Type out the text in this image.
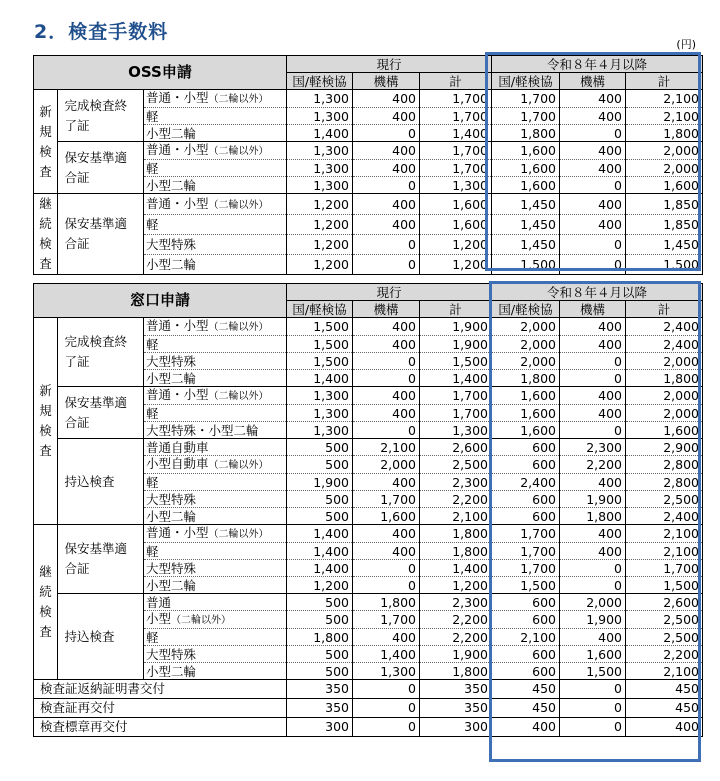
2．検査手数料
(円)
OSS申請			現行			令和８年４月以降		
			国/軽検協	機構	計	国/軽検協	機構	計
新規検査	完成検査終了証	普通・小型（二輪以外）	1,300	400	1,700	1,700	400	2,100
		軽	1,300	400	1,700	1,700	400	2,100
		小型二輪	1,400	0	1,400	1,800	0	1,800
	保安基準適合証	普通・小型（二輪以外）	1,300	400	1,700	1,600	400	2,000
		軽	1,300	400	1,700	1,600	400	2,000
		小型二輪	1,300	0	1,300	1,600	0	1,600
継続検査	保安基準適合証	普通・小型（二輪以外）	1,200	400	1,600	1,450	400	1,850
		軽	1,200	400	1,600	1,450	400	1,850
		大型特殊	1,200	0	1,200	1,450	0	1,450
		小型二輪	1,200	0	1,200	1,500	0	1,500
窓口申請			現行			令和８年４月以降		
			国/軽検協	機構	計	国/軽検協	機構	計
新規検査	完成検査終了証	普通・小型（二輪以外）	1,500	400	1,900	2,000	400	2,400
		軽	1,500	400	1,900	2,000	400	2,400
		大型特殊	1,500	0	1,500	2,000	0	2,000
		小型二輪	1,400	0	1,400	1,800	0	1,800
	保安基準適合証	普通・小型（二輪以外）	1,300	400	1,700	1,600	400	2,000
		軽	1,300	400	1,700	1,600	400	2,000
		大型特殊・小型二輪	1,300	0	1,300	1,600	0	1,600
	持込検査	普通自動車	500	2,100	2,600	600	2,300	2,900
		小型自動車（二輪以外）	500	2,000	2,500	600	2,200	2,800
		軽	1,900	400	2,300	2,400	400	2,800
		大型特殊	500	1,700	2,200	600	1,900	2,500
		小型二輪	500	1,600	2,100	600	1,800	2,400
継続検査	保安基準適合証	普通・小型（二輪以外）	1,400	400	1,800	1,700	400	2,100
		軽	1,400	400	1,800	1,700	400	2,100
		大型特殊	1,400	0	1,400	1,700	0	1,700
		小型二輪	1,200	0	1,200	1,500	0	1,500
	持込検査	普通	500	1,800	2,300	600	2,000	2,600
		小型（二輪以外）	500	1,700	2,200	600	1,900	2,500
		軽	1,800	400	2,200	2,100	400	2,500
		大型特殊	500	1,400	1,900	600	1,600	2,200
		小型二輪	500	1,300	1,800	600	1,500	2,100
検査証返納証明書交付			350	0	350	450	0	450
検査証再交付			350	0	350	450	0	450
検査標章再交付			300	0	300	400	0	400
